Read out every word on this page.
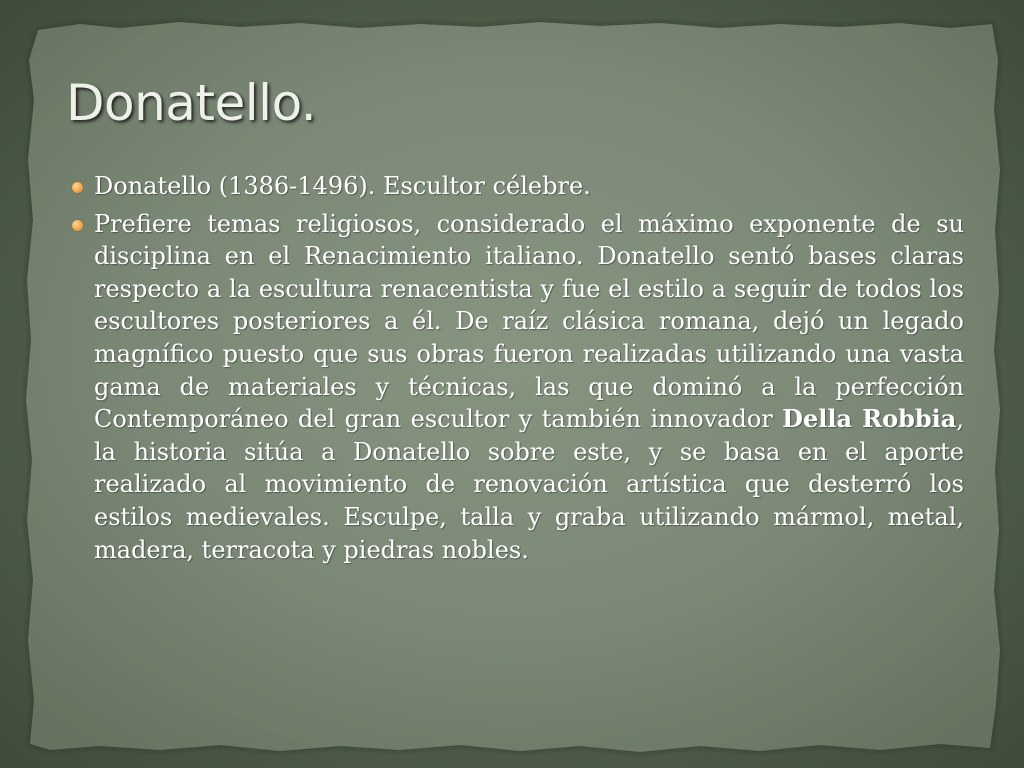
Donatello.
Donatello (1386-1496). Escultor célebre.
Prefiere temas religiosos, considerado el máximo exponente de su disciplina en el Renacimiento italiano. Donatello sentó bases claras respecto a la escultura renacentista y fue el estilo a seguir de todos los escultores posteriores a él. De raíz clásica romana, dejó un legado magnífico puesto que sus obras fueron realizadas utilizando una vasta gama de materiales y técnicas, las que dominó a la perfección Contemporáneo del gran escultor y también innovador Della Robbia, la historia sitúa a Donatello sobre este, y se basa en el aporte realizado al movimiento de renovación artística que desterró los estilos medievales. Esculpe, talla y graba utilizando mármol, metal, madera, terracota y piedras nobles.
